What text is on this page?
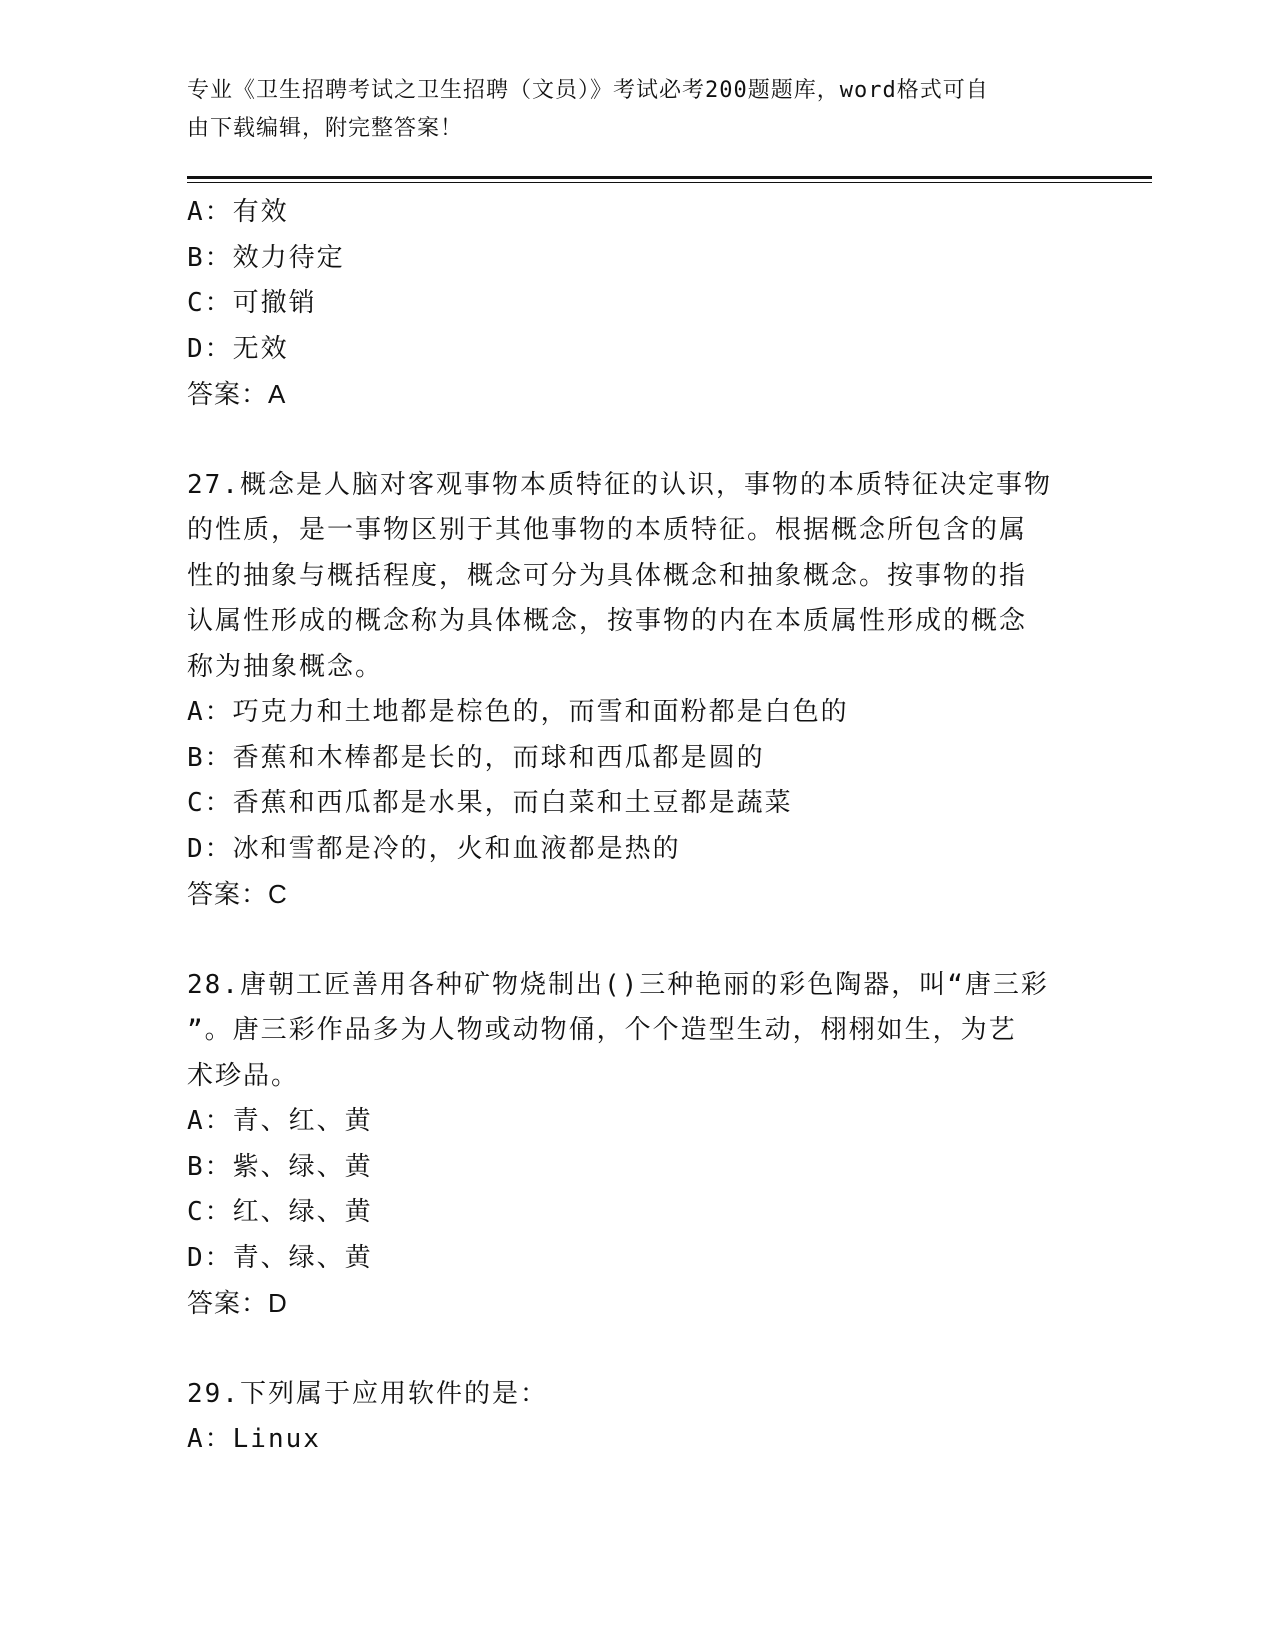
专业《卫生招聘考试之卫生招聘（文员）》考试必考200题题库，word格式可自
由下载编辑，附完整答案！
A：有效
B：效力待定
C：可撤销
D：无效
答案：A
27.概念是人脑对客观事物本质特征的认识，事物的本质特征决定事物
的性质，是一事物区别于其他事物的本质特征。根据概念所包含的属
性的抽象与概括程度，概念可分为具体概念和抽象概念。按事物的指
认属性形成的概念称为具体概念，按事物的内在本质属性形成的概念
称为抽象概念。
A：巧克力和土地都是棕色的，而雪和面粉都是白色的
B：香蕉和木棒都是长的，而球和西瓜都是圆的
C：香蕉和西瓜都是水果，而白菜和土豆都是蔬菜
D：冰和雪都是冷的，火和血液都是热的
答案：C
28.唐朝工匠善用各种矿物烧制出()三种艳丽的彩色陶器，叫“唐三彩
”。唐三彩作品多为人物或动物俑，个个造型生动，栩栩如生，为艺
术珍品。
A：青、红、黄
B：紫、绿、黄
C：红、绿、黄
D：青、绿、黄
答案：D
29.下列属于应用软件的是：
A：Linux
